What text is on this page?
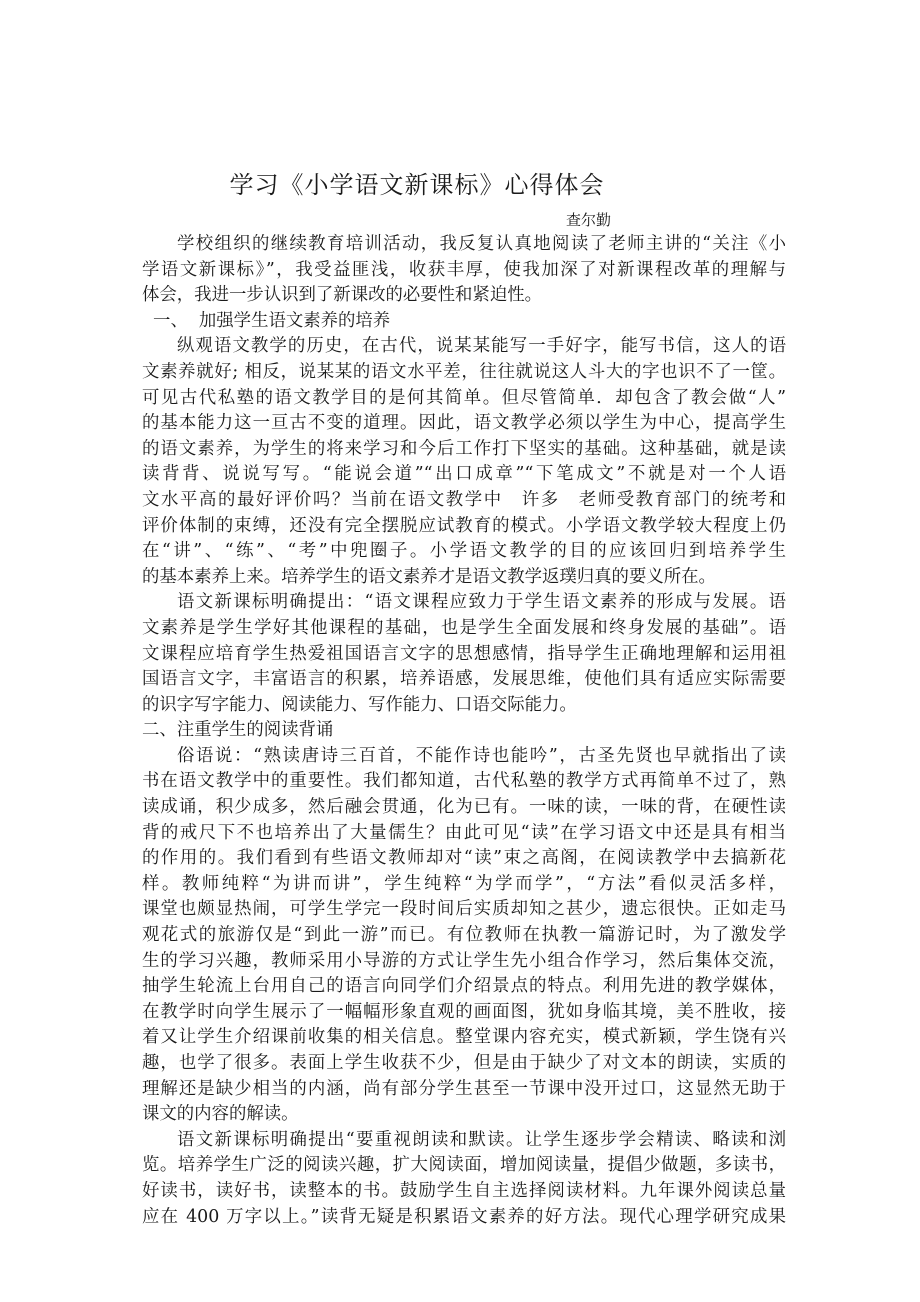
学习《小学语文新课标》心得体会
查尔勤
学校组织的继续教育培训活动，我反复认真地阅读了老师主讲的“关注《小
学语文新课标》”，我受益匪浅，收获丰厚，使我加深了对新课程改革的理解与
体会，我进一步认识到了新课改的必要性和紧迫性。
一、  加强学生语文素养的培养
纵观语文教学的历史，在古代，说某某能写一手好字，能写书信，这人的语
文素养就好; 相反，说某某的语文水平差，往往就说这人斗大的字也识不了一筐。
可见古代私塾的语文教学目的是何其简单。但尽管简单．却包含了教会做“人”
的基本能力这一亘古不变的道理。因此，语文教学必须以学生为中心，提高学生
的语文素养，为学生的将来学习和今后工作打下坚实的基础。这种基础，就是读
读背背、说说写写。“能说会道”“出口成章”“下笔成文”不就是对一个人语
文水平高的最好评价吗？当前在语文教学中　许多　老师受教育部门的统考和
评价体制的束缚，还没有完全摆脱应试教育的模式。小学语文教学较大程度上仍
在“讲”、“练”、“考”中兜圈子。小学语文教学的目的应该回归到培养学生
的基本素养上来。培养学生的语文素养才是语文教学返璞归真的要义所在。
语文新课标明确提出：“语文课程应致力于学生语文素养的形成与发展。语
文素养是学生学好其他课程的基础，也是学生全面发展和终身发展的基础”。语
文课程应培育学生热爱祖国语言文字的思想感情，指导学生正确地理解和运用祖
国语言文字，丰富语言的积累，培养语感，发展思维，使他们具有适应实际需要
的识字写字能力、阅读能力、写作能力、口语交际能力。
二、注重学生的阅读背诵
俗语说：“熟读唐诗三百首，不能作诗也能吟”，古圣先贤也早就指出了读
书在语文教学中的重要性。我们都知道，古代私塾的教学方式再简单不过了，熟
读成诵，积少成多，然后融会贯通，化为已有。一味的读，一味的背，在硬性读
背的戒尺下不也培养出了大量儒生？由此可见“读”在学习语文中还是具有相当
的作用的。我们看到有些语文教师却对“读”束之高阁，在阅读教学中去搞新花
样。教师纯粹“为讲而讲”，学生纯粹“为学而学”，“方法”看似灵活多样，
课堂也颇显热闹，可学生学完一段时间后实质却知之甚少，遗忘很快。正如走马
观花式的旅游仅是“到此一游”而已。有位教师在执教一篇游记时，为了激发学
生的学习兴趣，教师采用小导游的方式让学生先小组合作学习，然后集体交流，
抽学生轮流上台用自己的语言向同学们介绍景点的特点。利用先进的教学媒体，
在教学时向学生展示了一幅幅形象直观的画面图，犹如身临其境，美不胜收，接
着又让学生介绍课前收集的相关信息。整堂课内容充实，模式新颖，学生饶有兴
趣，也学了很多。表面上学生收获不少，但是由于缺少了对文本的朗读，实质的
理解还是缺少相当的内涵，尚有部分学生甚至一节课中没开过口，这显然无助于
课文的内容的解读。
语文新课标明确提出“要重视朗读和默读。让学生逐步学会精读、略读和浏
览。培养学生广泛的阅读兴趣，扩大阅读面，增加阅读量，提倡少做题，多读书，
好读书，读好书，读整本的书。鼓励学生自主选择阅读材料。九年课外阅读总量
应在 400 万字以上。”读背无疑是积累语文素养的好方法。现代心理学研究成果
